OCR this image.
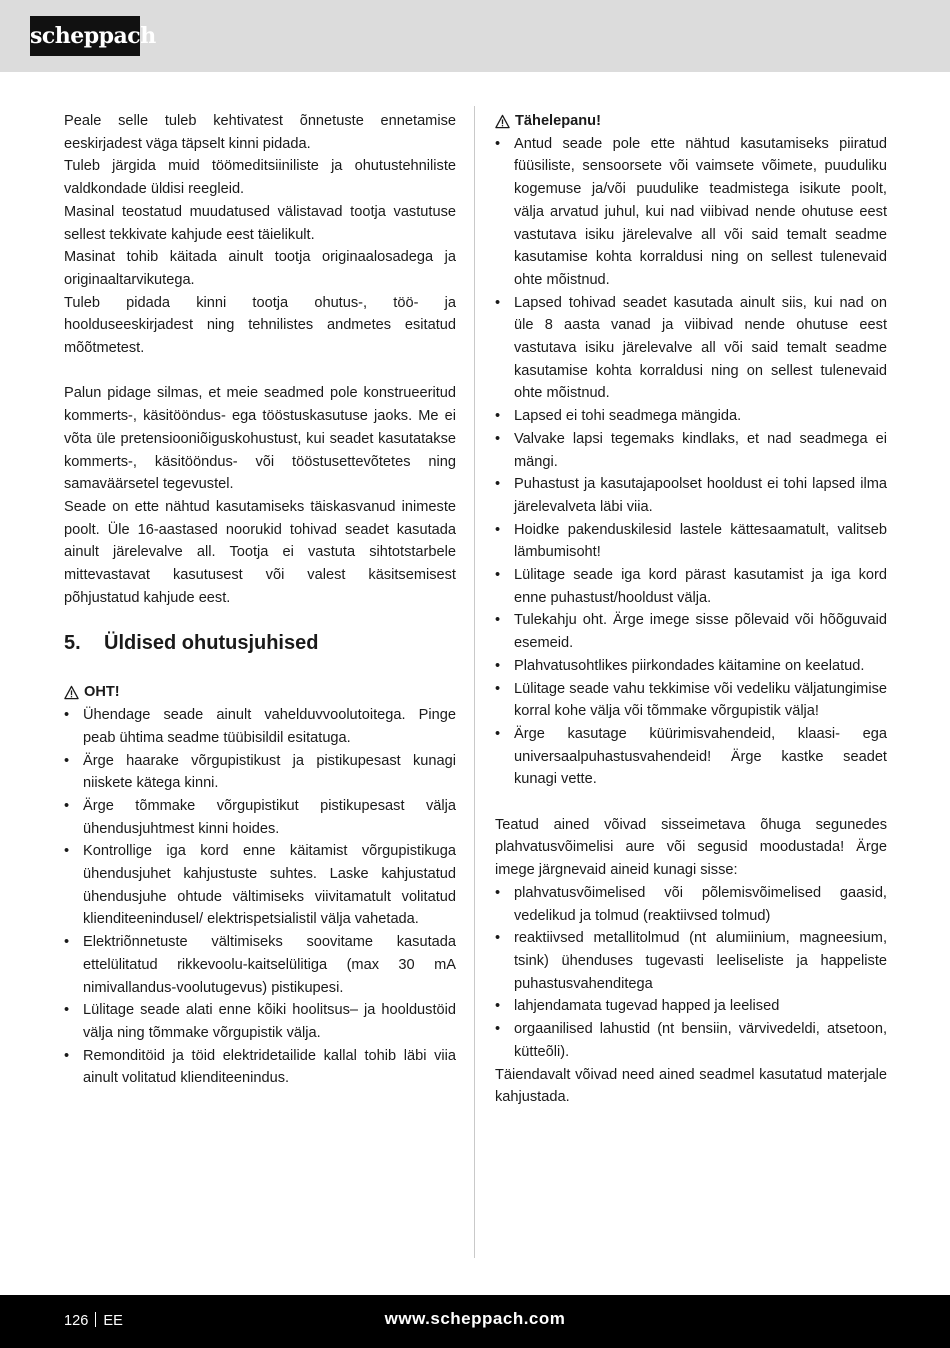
scheppach

Peale selle tuleb kehtivatest õnnetuste ennetamise eeskirjadest väga täpselt kinni pidada.

Tuleb järgida muid töömeditsiiniliste ja ohutustehniliste valdkondade üldisi reegleid.

Masinal teostatud muudatused välistavad tootja vastutuse sellest tekkivate kahjude eest täielikult.

Masinat tohib käitada ainult tootja originaalosadega ja originaaltarvikutega.

Tuleb pidada kinni tootja ohutus-, töö- ja hoolduseeskirjadest ning tehnilistes andmetes esitatud mõõtmetest.

Palun pidage silmas, et meie seadmed pole konstrueeritud kommerts-, käsitööndus- ega tööstuskasutuse jaoks. Me ei võta üle pretensiooniõiguskohustust, kui seadet kasutatakse kommerts-, käsitööndus- või tööstusettevõtetes ning samaväärsetel tegevustel.

Seade on ette nähtud kasutamiseks täiskasvanud inimeste poolt. Üle 16-aastased noorukid tohivad seadet kasutada ainult järelevalve all. Tootja ei vastuta sihtotstarbele mittevastavat kasutusest või valest käsitsemisest põhjustatud kahjude eest.

5.	Üldised ohutusjuhised
OHT!
• Ühendage seade ainult vahelduvvoolutoitega. Pinge peab ühtima seadme tüübisildil esitatuga.
• Ärge haarake võrgupistikust ja pistikupesast kunagi niiskete kätega kinni.
• Ärge tõmmake võrgupistikut pistikupesast välja ühendusjuhtmest kinni hoides.
• Kontrollige iga kord enne käitamist võrgupistikuga ühendusjuhet kahjustuste suhtes. Laske kahjustatud ühendusjuhe ohtude vältimiseks viivitamatult volitatud klienditeenindusel/ elektrispetsialistil välja vahetada.
• Elektriõnnetuste vältimiseks soovitame kasutada ettelülitatud rikkevoolu-kaitselülitiga (max 30 mA nimivallandus-voolutugevus) pistikupesi.
• Lülitage seade alati enne kõiki hoolitsus– ja hooldustöid välja ning tõmmake võrgupistik välja.
• Remonditöid ja töid elektridetailide kallal tohib läbi viia ainult volitatud klienditeenindus.
Tähelepanu!
• Antud seade pole ette nähtud kasutamiseks piiratud füüsiliste, sensoorsete või vaimsete võimete, puuduliku kogemuse ja/või puudulike teadmistega isikute poolt, välja arvatud juhul, kui nad viibivad nende ohutuse eest vastutava isiku järelevalve all või said temalt seadme kasutamise kohta korraldusi ning on sellest tulenevaid ohte mõistnud.
• Lapsed tohivad seadet kasutada ainult siis, kui nad on üle 8 aasta vanad ja viibivad nende ohutuse eest vastutava isiku järelevalve all või said temalt seadme kasutamise kohta korraldusi ning on sellest tulenevaid ohte mõistnud.
• Lapsed ei tohi seadmega mängida.
• Valvake lapsi tegemaks kindlaks, et nad seadmega ei mängi.
• Puhastust ja kasutajapoolset hooldust ei tohi lapsed ilma järelevalveta läbi viia.
• Hoidke pakenduskilesid lastele kättesaamatult, valitseb lämbumisoht!
• Lülitage seade iga kord pärast kasutamist ja iga kord enne puhastust/hooldust välja.
• Tulekahju oht. Ärge imege sisse põlevaid või hõõguvaid esemeid.
• Plahvatusohtlikes piirkondades käitamine on keelatud.
• Lülitage seade vahu tekkimise või vedeliku väljatungimise korral kohe välja või tõmmake võrgupistik välja!
• Ärge kasutage küürimisvahendeid, klaasi- ega universaalpuhastusvahendeid! Ärge kastke seadet kunagi vette.

Teatud ained võivad sisseimetava õhuga segunedes plahvatusvõimelisi aure või segusid moodustada! Ärge imege järgnevaid aineid kunagi sisse:

• plahvatusvõimelised või põlemisvõimelised gaasid, vedelikud ja tolmud (reaktiivsed tolmud)
• reaktiivsed metallitolmud (nt alumiinium, magneesium, tsink) ühenduses tugevasti leeliseliste ja happeliste puhastusvahenditega
• lahjendamata tugevad happed ja leelised
• orgaanilised lahustid (nt bensiin, värvivedeldi, atsetoon, kütteõli).

Täiendavalt võivad need ained seadmel kasutatud materjale kahjustada.

126 EE	www.scheppach.com
